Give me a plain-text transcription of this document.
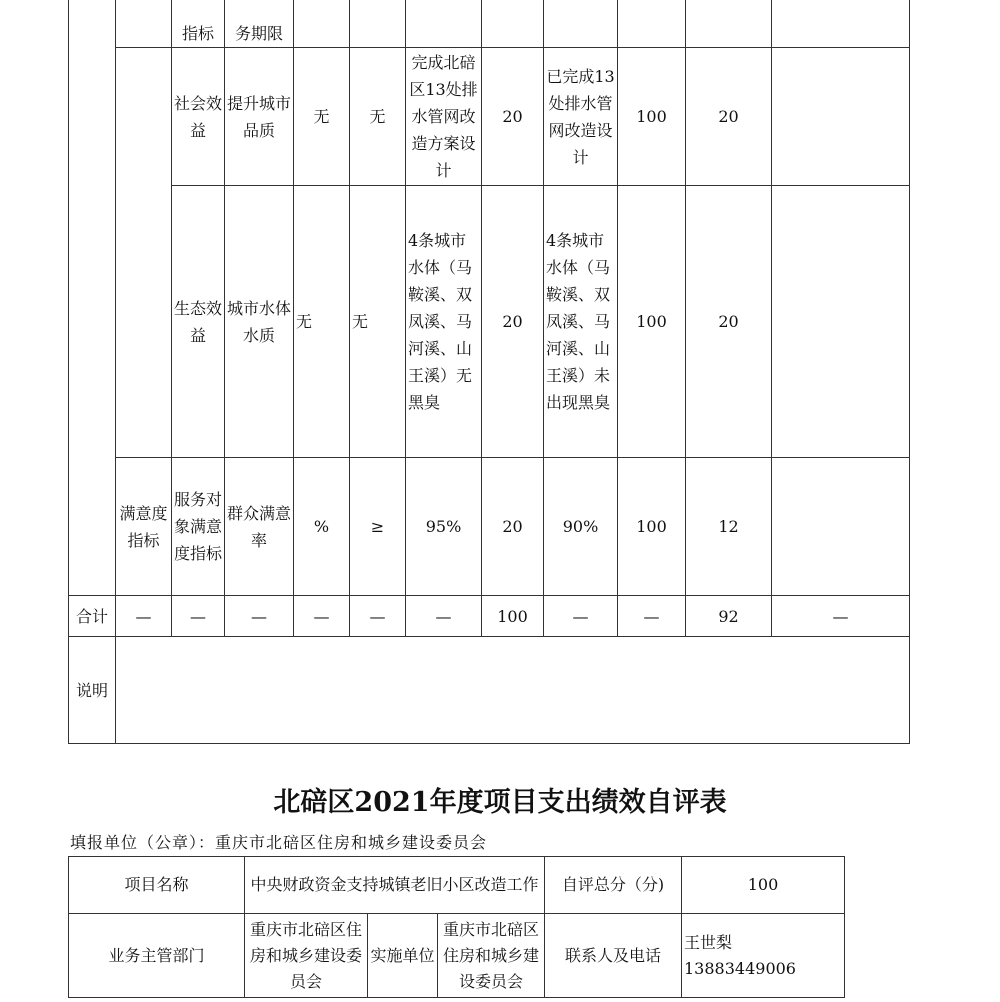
		指标	务期限								
		社会效益	提升城市品质	无	无	完成北碚区13处排水管网改造方案设计	20	已完成13处排水管网改造设计	100	20	
		生态效益	城市水体水质	无	无	4条城市水体（马鞍溪、双凤溪、马河溪、山王溪）无黑臭	20	4条城市水体（马鞍溪、双凤溪、马河溪、山王溪）未出现黑臭	100	20	
	满意度指标	服务对象满意度指标	群众满意率	%	≥	95%	20	90%	100	12	
合计	—	—	—	—	—	—	100	—	—	92	—
说明											
北碚区2021年度项目支出绩效自评表
填报单位（公章）：重庆市北碚区住房和城乡建设委员会
项目名称	中央财政资金支持城镇老旧小区改造工作			自评总分（分)	100
业务主管部门	重庆市北碚区住房和城乡建设委员会	实施单位	重庆市北碚区住房和城乡建设委员会	联系人及电话	王世梨 13883449006
